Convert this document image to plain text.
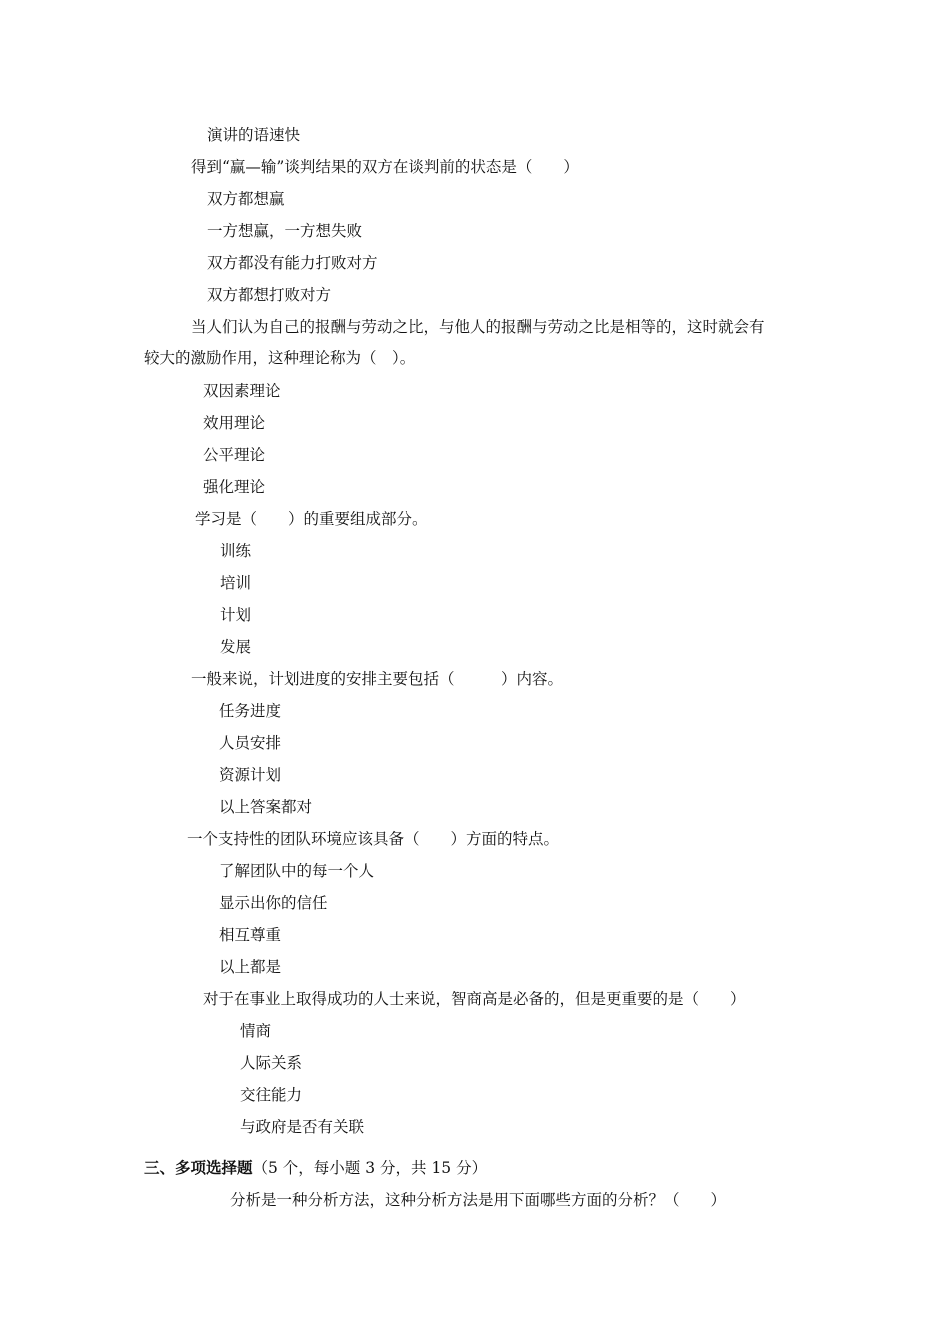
演讲的语速快
得到“赢—输”谈判结果的双方在谈判前的状态是（　　）
双方都想赢
一方想赢，一方想失败
双方都没有能力打败对方
双方都想打败对方
当人们认为自己的报酬与劳动之比，与他人的报酬与劳动之比是相等的，这时就会有
较大的激励作用，这种理论称为（　）。
双因素理论
效用理论
公平理论
强化理论
学习是（　　）的重要组成部分。
训练
培训
计划
发展
一般来说，计划进度的安排主要包括（　　　）内容。
任务进度
人员安排
资源计划
以上答案都对
一个支持性的团队环境应该具备（　　）方面的特点。
了解团队中的每一个人
显示出你的信任
相互尊重
以上都是
对于在事业上取得成功的人士来说，智商高是必备的，但是更重要的是（　　）
情商
人际关系
交往能力
与政府是否有关联
三、多项选择题（5 个，每小题 3 分，共 15 分）
分析是一种分析方法，这种分析方法是用下面哪些方面的分析？（　　）
